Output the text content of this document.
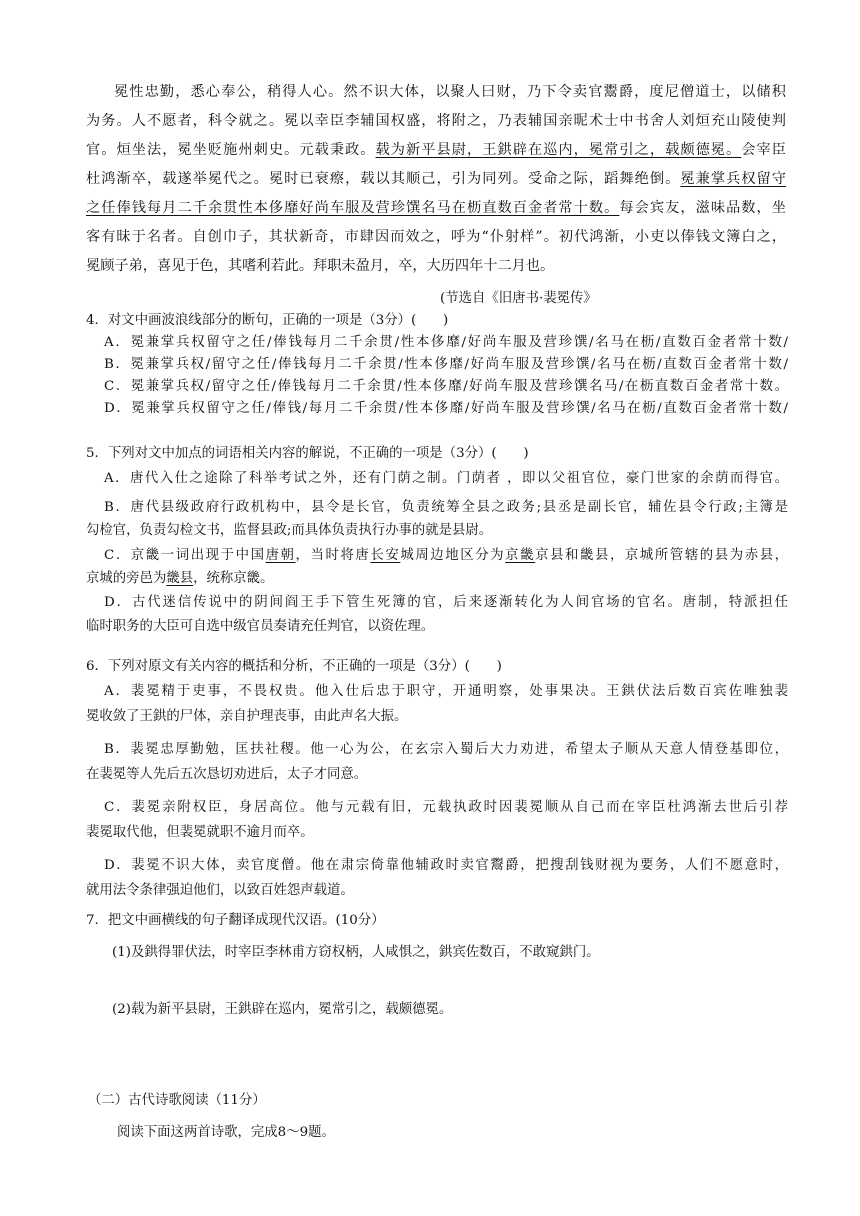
冕性忠勤，悉心奉公，稍得人心。然不识大体，以聚人曰财，乃下令卖官鬻爵，度尼僧道士，以储积
为务。人不愿者，科令就之。冕以幸臣李辅国权盛，将附之，乃表辅国亲昵术士中书舍人刘烜充山陵使判
官。烜坐法，冕坐贬施州刺史。元载秉政。载为新平县尉，王鉷辟在巡内，冕常引之，载颇德冕。会宰臣
杜鸿渐卒，载遂举冕代之。冕时已衰瘵，载以其顺己，引为同列。受命之际，蹈舞绝倒。冕兼掌兵权留守
之任俸钱每月二千余贯性本侈靡好尚车服及营珍馔名马在枥直数百金者常十数。每会宾友，滋味品数，坐
客有昧于名者。自创巾子，其状新奇，市肆因而效之，呼为“仆射样”。初代鸿渐，小吏以俸钱文簿白之，
冕顾子弟，喜见于色，其嗜利若此。拜职未盈月，卒，大历四年十二月也。
(节选自《旧唐书·裴冕传》
4．对文中画波浪线部分的断句，正确的一项是（3分）(　　)
A．冕兼掌兵权留守之任/俸钱每月二千余贯/性本侈靡/好尚车服及营珍馔/名马在枥/直数百金者常十数/
B．冕兼掌兵权/留守之任/俸钱每月二千余贯/性本侈靡/好尚车服及营珍馔/名马在枥/直数百金者常十数/
C．冕兼掌兵权/留守之任/俸钱每月二千余贯/性本侈靡/好尚车服及营珍馔名马/在枥直数百金者常十数。
D．冕兼掌兵权留守之任/俸钱/每月二千余贯/性本侈靡/好尚车服及营珍馔/名马在枥/直数百金者常十数/
5．下列对文中加点的词语相关内容的解说，不正确的一项是（3分）(　　)
A．唐代入仕之途除了科举考试之外，还有门荫之制。门荫者 ，即以父祖官位，豪门世家的余荫而得官。
B．唐代县级政府行政机构中，县令是长官，负责统筹全县之政务;县丞是副长官，辅佐县令行政;主簿是
勾检官，负责勾检文书，监督县政;而具体负责执行办事的就是县尉。
C．京畿一词出现于中国唐朝，当时将唐长安城周边地区分为京畿京县和畿县，京城所管辖的县为赤县，
京城的旁邑为畿县，统称京畿。
D．古代迷信传说中的阴间阎王手下管生死簿的官，后来逐渐转化为人间官场的官名。唐制，特派担任
临时职务的大臣可自选中级官员奏请充任判官，以资佐理。
6．下列对原文有关内容的概括和分析，不正确的一项是（3分）(　　)
A．裴冕精于吏事，不畏权贵。他入仕后忠于职守，开通明察，处事果决。王鉷伏法后数百宾佐唯独裴
冕收敛了王鉷的尸体，亲自护理丧事，由此声名大振。
B．裴冕忠厚勤勉，匡扶社稷。他一心为公，在玄宗入蜀后大力劝进，希望太子顺从天意人情登基即位，
在裴冕等人先后五次恳切劝进后，太子才同意。
C．裴冕亲附权臣，身居高位。他与元载有旧，元载执政时因裴冕顺从自己而在宰臣杜鸿渐去世后引荐
裴冕取代他，但裴冕就职不逾月而卒。
D．裴冕不识大体，卖官度僧。他在肃宗倚靠他辅政时卖官鬻爵，把搜刮钱财视为要务，人们不愿意时，
就用法令条律强迫他们，以致百姓怨声载道。
7．把文中画横线的句子翻译成现代汉语。(10分）
(1)及鉷得罪伏法，时宰臣李林甫方窃权柄，人咸惧之，鉷宾佐数百，不敢窥鉷门。
(2)载为新平县尉，王鉷辟在巡内，冕常引之，载颇德冕。
（二）古代诗歌阅读（11分）
阅读下面这两首诗歌，完成8～9题。
